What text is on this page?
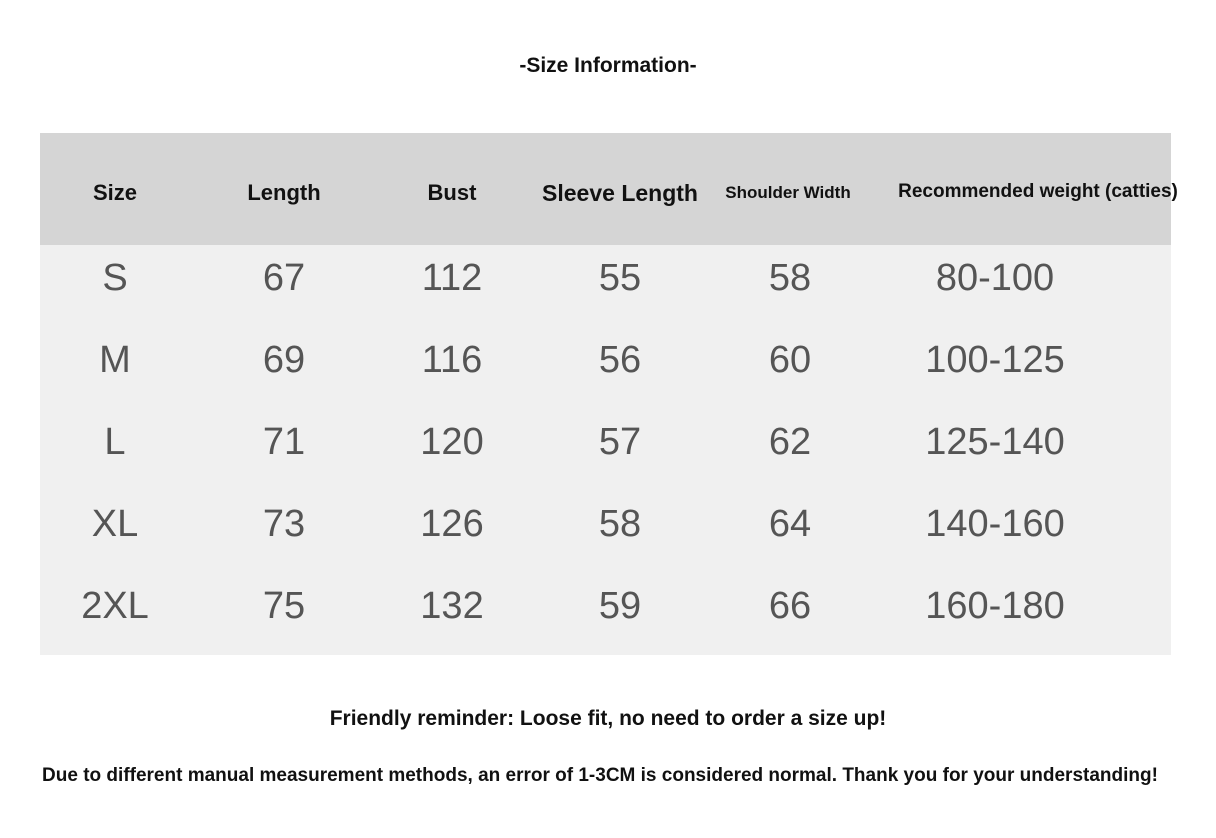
-Size Information-
Size	Length	Bust	Sleeve Length	Shoulder Width	Recommended weight (catties)
S	67	112	55	58	80-100
M	69	116	56	60	100-125
L	71	120	57	62	125-140
XL	73	126	58	64	140-160
2XL	75	132	59	66	160-180
Friendly reminder: Loose fit, no need to order a size up!
Due to different manual measurement methods, an error of 1-3CM is considered normal. Thank you for your understanding!
